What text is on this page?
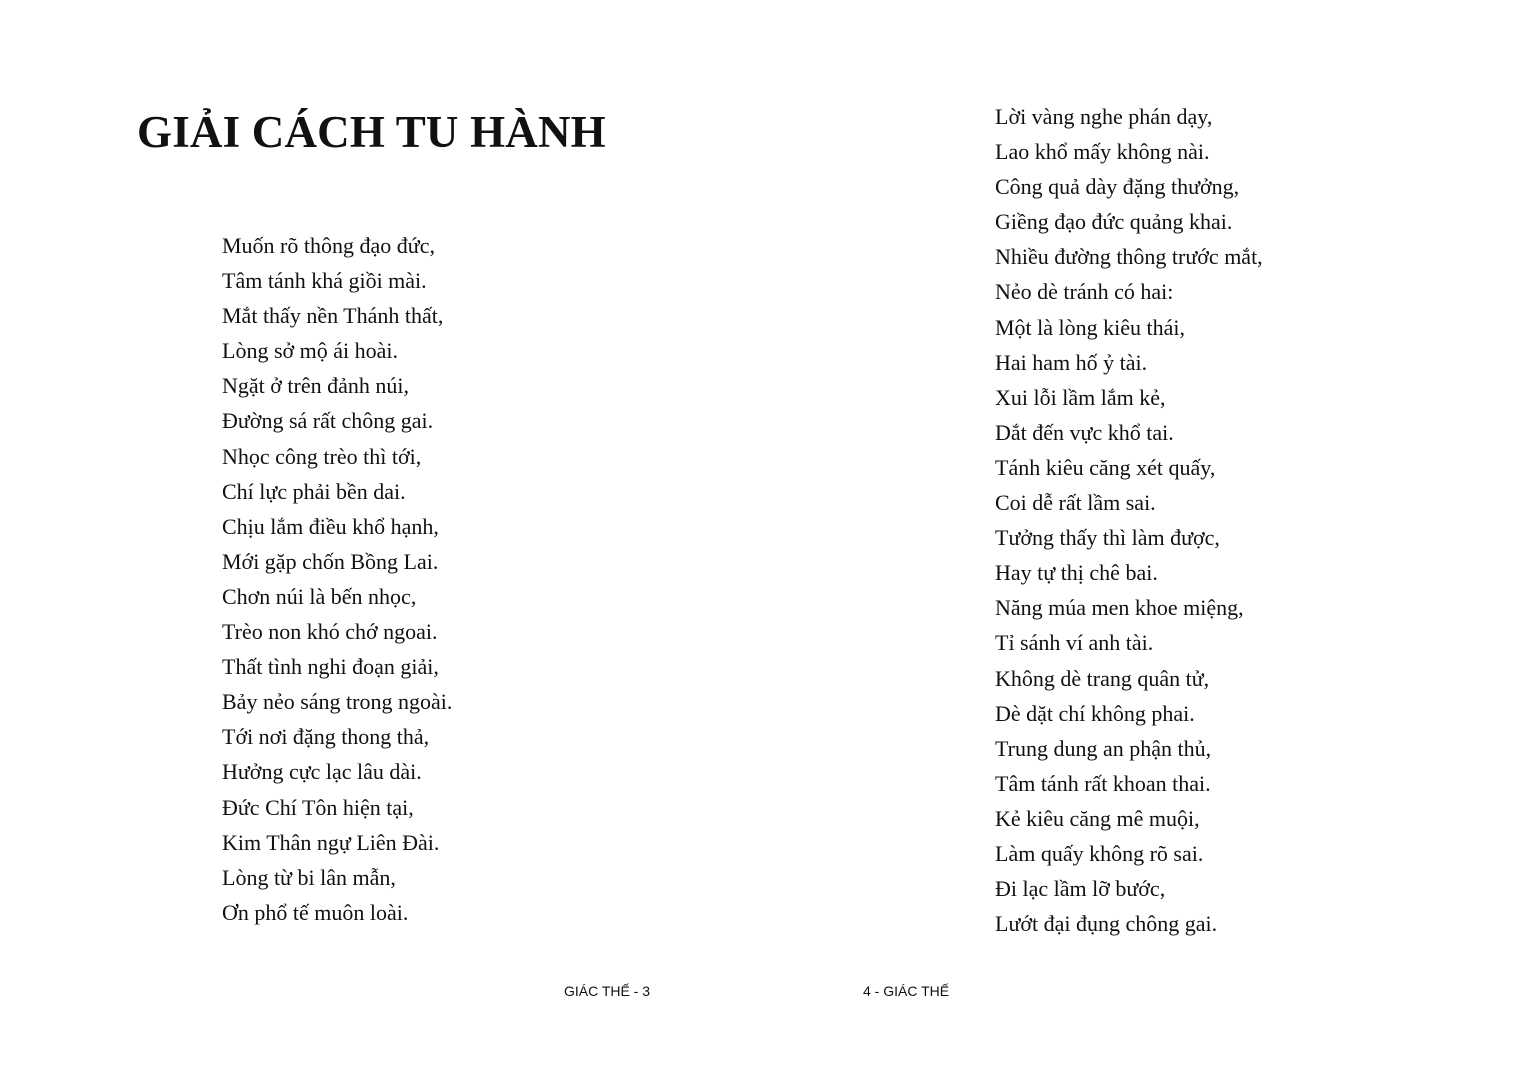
GIẢI CÁCH TU HÀNH
Muốn rõ thông đạo đức,
Tâm tánh khá giồi mài.
Mắt thấy nền Thánh thất,
Lòng sở mộ ái hoài.
Ngặt ở trên đảnh núi,
Đường sá rất chông gai.
Nhọc công trèo thì tới,
Chí lực phải bền dai.
Chịu lắm điều khổ hạnh,
Mới gặp chốn Bồng Lai.
Chơn núi là bến nhọc,
Trèo non khó chớ ngoai.
Thất tình nghi đoạn giải,
Bảy nẻo sáng trong ngoài.
Tới nơi đặng thong thả,
Hưởng cực lạc lâu dài.
Đức Chí Tôn hiện tại,
Kim Thân ngự Liên Đài.
Lòng từ bi lân mẫn,
Ơn phổ tế muôn loài.
Lời vàng nghe phán dạy,
Lao khổ mấy không nài.
Công quả dày đặng thưởng,
Giềng đạo đức quảng khai.
Nhiều đường thông trước mắt,
Nẻo dè tránh có hai:
Một là lòng kiêu thái,
Hai ham hố ỷ tài.
Xui lỗi lầm lắm kẻ,
Dắt đến vực khổ tai.
Tánh kiêu căng xét quấy,
Coi dễ rất lầm sai.
Tưởng thấy thì làm được,
Hay tự thị chê bai.
Năng múa men khoe miệng,
Tỉ sánh ví anh tài.
Không dè trang quân tử,
Dè dặt chí không phai.
Trung dung an phận thủ,
Tâm tánh rất khoan thai.
Kẻ kiêu căng mê muội,
Làm quấy không rõ sai.
Đi lạc lầm lỡ bước,
Lướt đại đụng chông gai.
GIÁC THẾ - 3	4 - GIÁC THẾ
